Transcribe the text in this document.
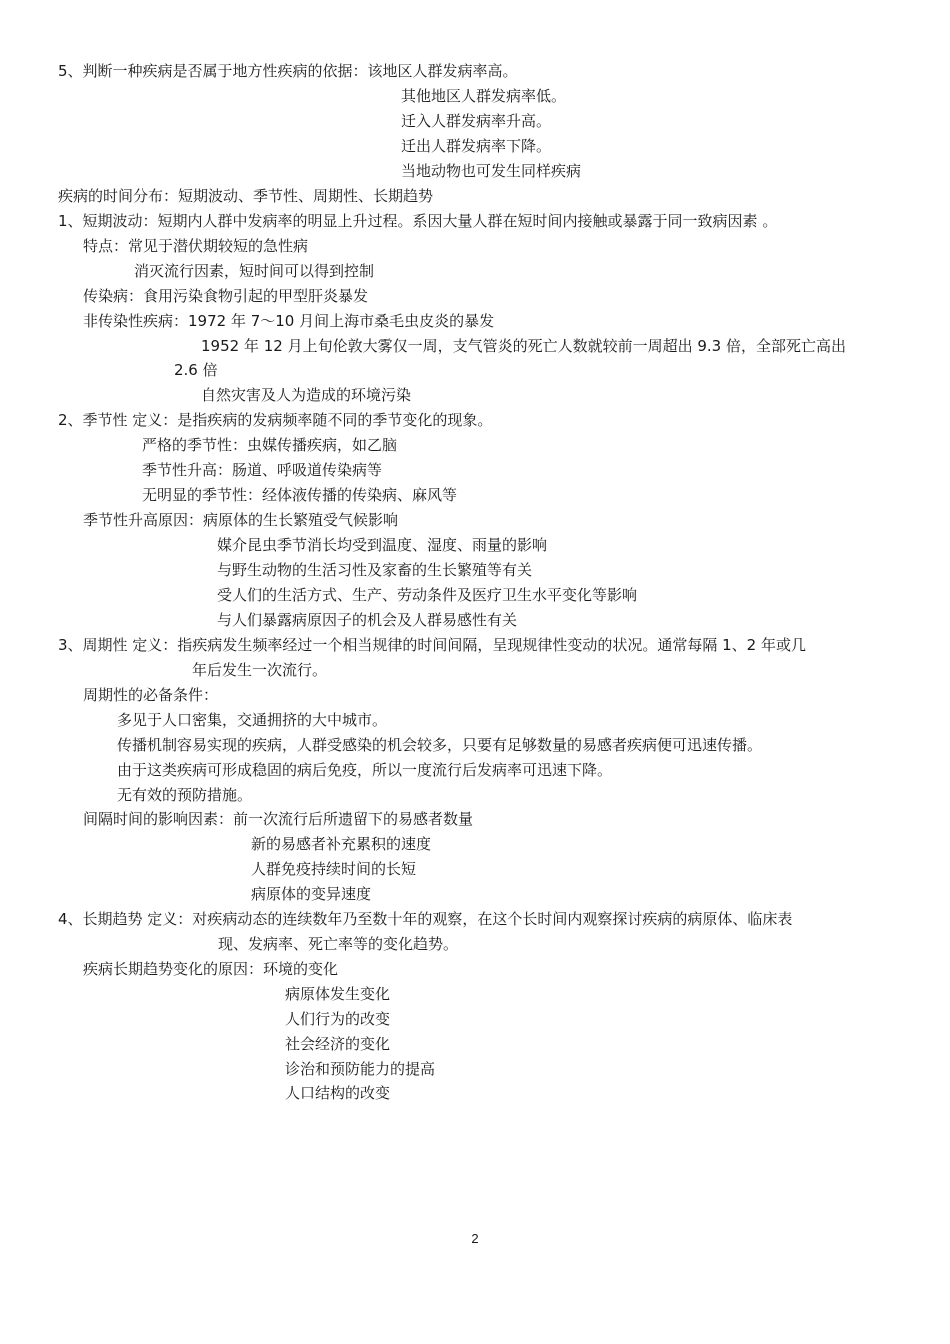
5、判断一种疾病是否属于地方性疾病的依据：该地区人群发病率高。
其他地区人群发病率低。
迁入人群发病率升高。
迁出人群发病率下降。
当地动物也可发生同样疾病
疾病的时间分布：短期波动、季节性、周期性、长期趋势
1、短期波动：短期内人群中发病率的明显上升过程。系因大量人群在短时间内接触或暴露于同一致病因素 。
特点：常见于潜伏期较短的急性病
消灭流行因素，短时间可以得到控制
传染病：食用污染食物引起的甲型肝炎暴发
非传染性疾病：1972 年 7～10 月间上海市桑毛虫皮炎的暴发
1952 年 12 月上旬伦敦大雾仅一周，支气管炎的死亡人数就较前一周超出 9.3 倍，全部死亡高出
2.6 倍
自然灾害及人为造成的环境污染
2、季节性 定义：是指疾病的发病频率随不同的季节变化的现象。
严格的季节性：虫媒传播疾病，如乙脑
季节性升高：肠道、呼吸道传染病等
无明显的季节性：经体液传播的传染病、麻风等
季节性升高原因：病原体的生长繁殖受气候影响
媒介昆虫季节消长均受到温度、湿度、雨量的影响
与野生动物的生活习性及家畜的生长繁殖等有关
受人们的生活方式、生产、劳动条件及医疗卫生水平变化等影响
与人们暴露病原因子的机会及人群易感性有关
3、周期性 定义：指疾病发生频率经过一个相当规律的时间间隔，呈现规律性变动的状况。通常每隔 1、2 年或几
年后发生一次流行。
周期性的必备条件：
多见于人口密集，交通拥挤的大中城市。
传播机制容易实现的疾病，人群受感染的机会较多，只要有足够数量的易感者疾病便可迅速传播。
由于这类疾病可形成稳固的病后免疫，所以一度流行后发病率可迅速下降。
无有效的预防措施。
间隔时间的影响因素：前一次流行后所遗留下的易感者数量
新的易感者补充累积的速度
人群免疫持续时间的长短
病原体的变异速度
4、长期趋势 定义：对疾病动态的连续数年乃至数十年的观察，在这个长时间内观察探讨疾病的病原体、临床表
现、发病率、死亡率等的变化趋势。
疾病长期趋势变化的原因：环境的变化
病原体发生变化
人们行为的改变
社会经济的变化
诊治和预防能力的提高
人口结构的改变
2
